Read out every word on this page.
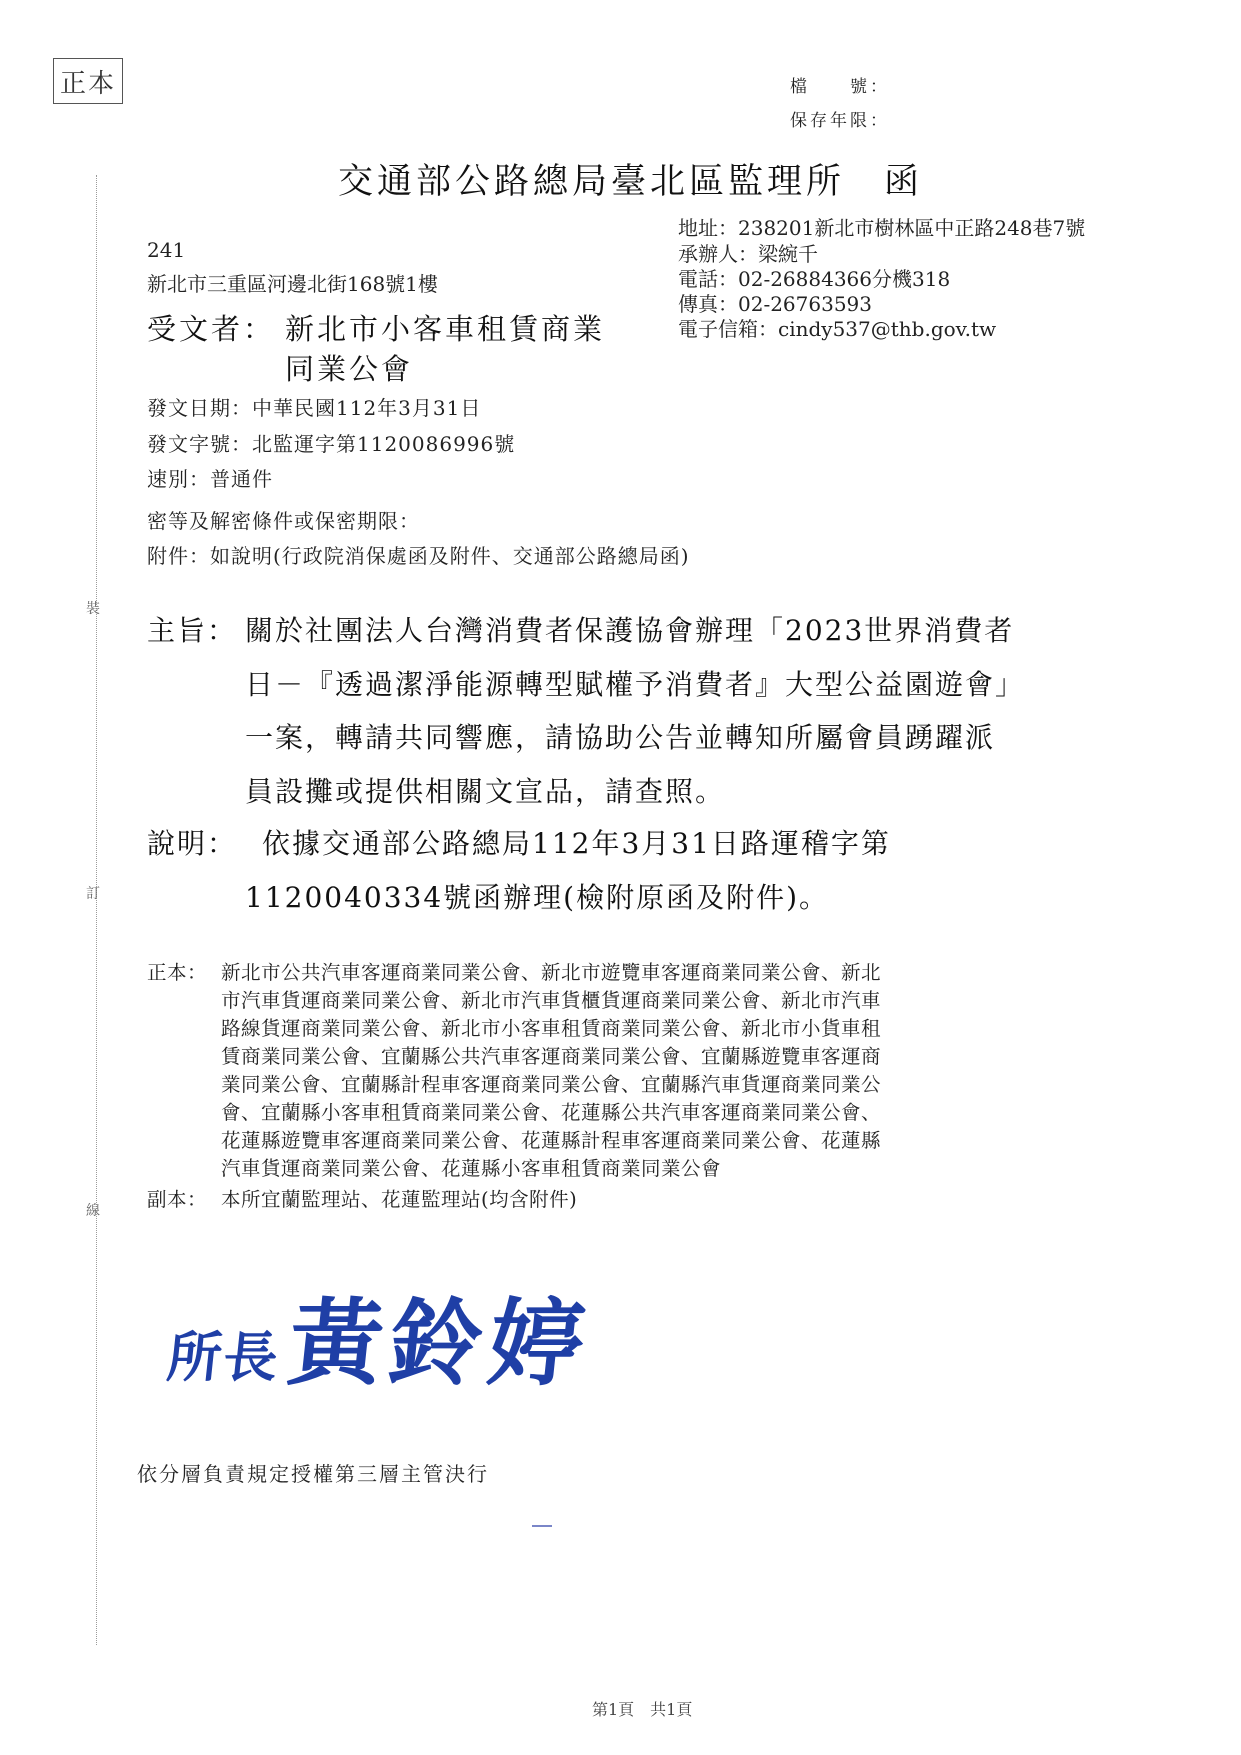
正本
裝
訂
線
檔　　號：
保存年限：
交通部公路總局臺北區監理所　函
地址：238201新北市樹林區中正路248巷7號
承辦人：梁綩千
電話：02-26884366分機318
傳真：02-26763593
電子信箱：cindy537@thb.gov.tw
241
新北市三重區河邊北街168號1樓
受文者： 新北市小客車租賃商業
同業公會
發文日期：中華民國112年3月31日
發文字號：北監運字第1120086996號
速別：普通件
密等及解密條件或保密期限：
附件：如說明(行政院消保處函及附件、交通部公路總局函)
主旨： 關於社團法人台灣消費者保護協會辦理「2023世界消費者
日－『透過潔淨能源轉型賦權予消費者』大型公益園遊會」
一案，轉請共同響應，請協助公告並轉知所屬會員踴躍派
員設攤或提供相關文宣品，請查照。
說明： 依據交通部公路總局112年3月31日路運稽字第
1120040334號函辦理(檢附原函及附件)。
正本： 新北市公共汽車客運商業同業公會、新北市遊覽車客運商業同業公會、新北
市汽車貨運商業同業公會、新北市汽車貨櫃貨運商業同業公會、新北市汽車
路線貨運商業同業公會、新北市小客車租賃商業同業公會、新北市小貨車租
賃商業同業公會、宜蘭縣公共汽車客運商業同業公會、宜蘭縣遊覽車客運商
業同業公會、宜蘭縣計程車客運商業同業公會、宜蘭縣汽車貨運商業同業公
會、宜蘭縣小客車租賃商業同業公會、花蓮縣公共汽車客運商業同業公會、
花蓮縣遊覽車客運商業同業公會、花蓮縣計程車客運商業同業公會、花蓮縣
汽車貨運商業同業公會、花蓮縣小客車租賃商業同業公會
副本： 本所宜蘭監理站、花蓮監理站(均含附件)
所長黃鈴婷
依分層負責規定授權第三層主管決行
第1頁　共1頁
